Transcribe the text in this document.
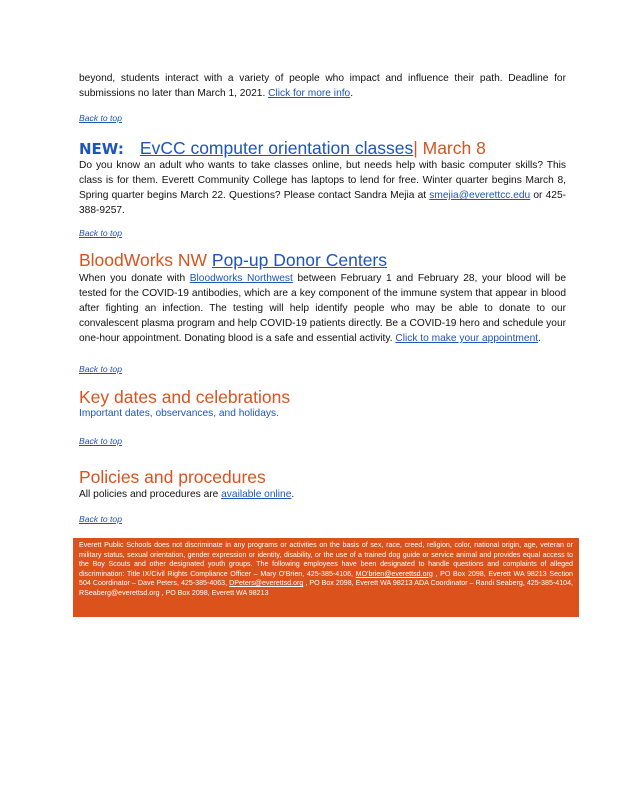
beyond, students interact with a variety of people who impact and influence their path. Deadline for submissions no later than March 1, 2021. Click for more info.

Back to top
NEW: EvCC computer orientation classes| March 8

Do you know an adult who wants to take classes online, but needs help with basic computer skills? This class is for them. Everett Community College has laptops to lend for free. Winter quarter begins March 8, Spring quarter begins March 22. Questions? Please contact Sandra Mejia at smejia@everettcc.edu or 425-388-9257.

Back to top
BloodWorks NW Pop-up Donor Centers

When you donate with Bloodworks Northwest between February 1 and February 28, your blood will be tested for the COVID-19 antibodies, which are a key component of the immune system that appear in blood after fighting an infection. The testing will help identify people who may be able to donate to our convalescent plasma program and help COVID-19 patients directly. Be a COVID-19 hero and schedule your one-hour appointment. Donating blood is a safe and essential activity. Click to make your appointment.

Back to top
Key dates and celebrations
Important dates, observances, and holidays.
Back to top
Policies and procedures

All policies and procedures are available online.

Back to top
Everett Public Schools does not discriminate in any programs or activities on the basis of sex, race, creed, religion, color, national origin, age, veteran or military status, sexual orientation, gender expression or identity, disability, or the use of a trained dog guide or service animal and provides equal access to the Boy Scouts and other designated youth groups. The following employees have been designated to handle questions and complaints of alleged discrimination: Title IX/Civil Rights Compliance Officer – Mary O'Brien, 425-385-4106, MO'brien@everettsd.org , PO Box 2098, Everett WA 98213 Section 504 Coordinator – Dave Peters, 425-385-4063, DPeters@everettsd.org , PO Box 2098, Everett WA 98213 ADA Coordinator – Randi Seaberg, 425-385-4104, RSeaberg@everettsd.org , PO Box 2098, Everett WA 98213
